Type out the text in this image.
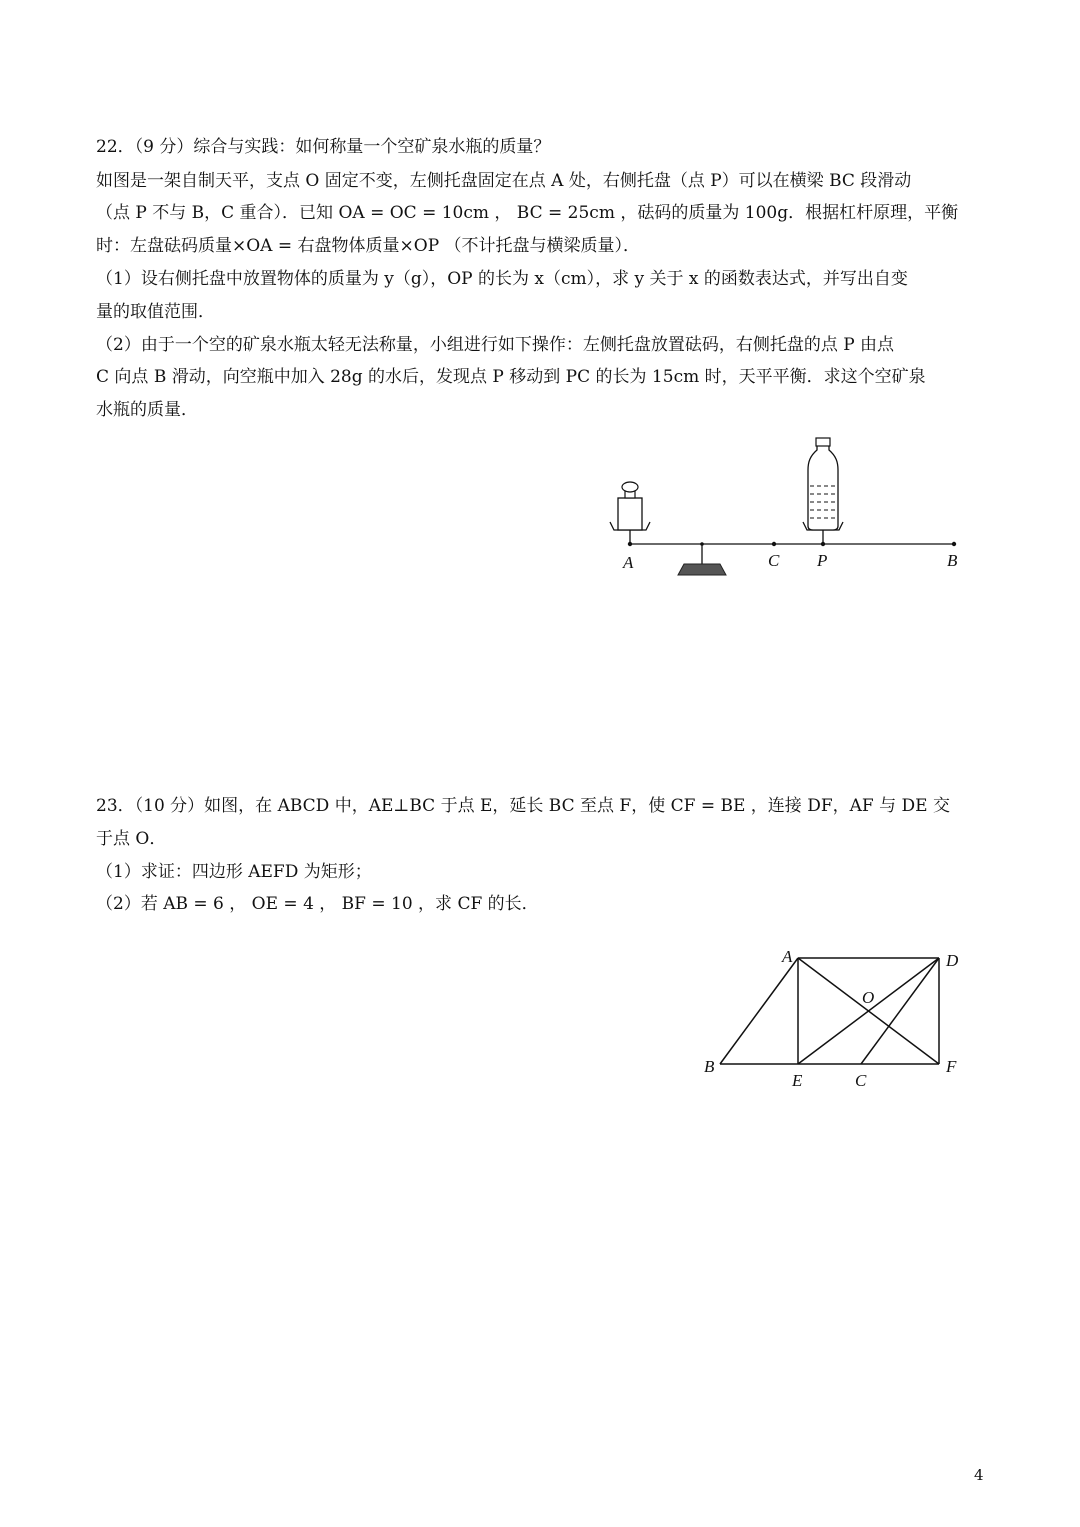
22．（9 分）综合与实践：如何称量一个空矿泉水瓶的质量？
如图是一架自制天平，支点 O 固定不变，左侧托盘固定在点 A 处，右侧托盘（点 P）可以在横梁 BC 段滑动
（点 P 不与 B，C 重合）．已知 OA = OC = 10cm ， BC = 25cm ，砝码的质量为 100g．根据杠杆原理，平衡
时：左盘砝码质量×OA = 右盘物体质量×OP （不计托盘与横梁质量）．
（1）设右侧托盘中放置物体的质量为 y（g），OP 的长为 x（cm），求 y 关于 x 的函数表达式，并写出自变
量的取值范围．
（2）由于一个空的矿泉水瓶太轻无法称量，小组进行如下操作：左侧托盘放置砝码，右侧托盘的点 P 由点
C 向点 B 滑动，向空瓶中加入 28g 的水后，发现点 P 移动到 PC 的长为 15cm 时，天平平衡．求这个空矿泉
水瓶的质量．
A	C P	B
23．（10 分）如图，在 ABCD 中，AE⊥BC 于点 E，延长 BC 至点 F，使 CF = BE ，连接 DF，AF 与 DE 交
于点 O．
（1）求证：四边形 AEFD 为矩形；
（2）若 AB = 6 ， OE = 4 ， BF = 10 ，求 CF 的长．
A	D
O
B
E	C
F
4
